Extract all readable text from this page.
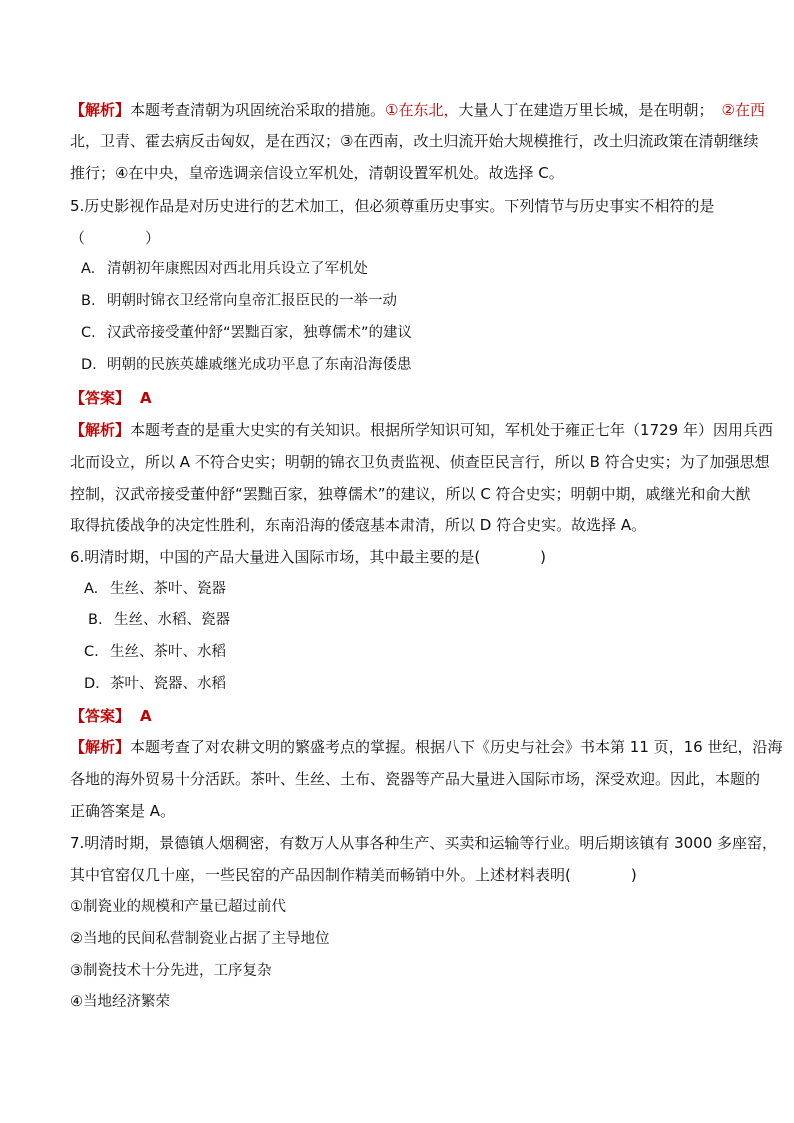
【解析】本题考查清朝为巩固统治采取的措施。①在东北，大量人丁在建造万里长城，是在明朝； ②在西
北，卫青、霍去病反击匈奴，是在西汉；③在西南，改土归流开始大规模推行，改土归流政策在清朝继续
推行；④在中央，皇帝选调亲信设立军机处，清朝设置军机处。故选择 C。
5.历史影视作品是对历史进行的艺术加工，但必须尊重历史事实。下列情节与历史事实不相符的是
（　　　　）
A. 清朝初年康熙因对西北用兵设立了军机处
B. 明朝时锦衣卫经常向皇帝汇报臣民的一举一动
C. 汉武帝接受董仲舒“罢黜百家，独尊儒术”的建议
D. 明朝的民族英雄戚继光成功平息了东南沿海倭患
【答案】 A
【解析】本题考查的是重大史实的有关知识。根据所学知识可知，军机处于雍正七年（1729 年）因用兵西
北而设立，所以 A 不符合史实；明朝的锦衣卫负责监视、侦查臣民言行，所以 B 符合史实；为了加强思想
控制，汉武帝接受董仲舒“罢黜百家，独尊儒术”的建议，所以 C 符合史实；明朝中期，戚继光和俞大猷
取得抗倭战争的决定性胜利，东南沿海的倭寇基本肃清，所以 D 符合史实。故选择 A。
6.明清时期，中国的产品大量进入国际市场，其中最主要的是(　　　　)
A. 生丝、茶叶、瓷器
B. 生丝、水稻、瓷器
C. 生丝、茶叶、水稻
D. 茶叶、瓷器、水稻
【答案】 A
【解析】本题考查了对农耕文明的繁盛考点的掌握。根据八下《历史与社会》书本第 11 页，16 世纪，沿海
各地的海外贸易十分活跃。茶叶、生丝、土布、瓷器等产品大量进入国际市场，深受欢迎。因此，本题的
正确答案是 A。
7.明清时期，景德镇人烟稠密，有数万人从事各种生产、买卖和运输等行业。明后期该镇有 3000 多座窑，
其中官窑仅几十座，一些民窑的产品因制作精美而畅销中外。上述材料表明(　　　　)
①制瓷业的规模和产量已超过前代
②当地的民间私营制瓷业占据了主导地位
③制瓷技术十分先进，工序复杂
④当地经济繁荣
